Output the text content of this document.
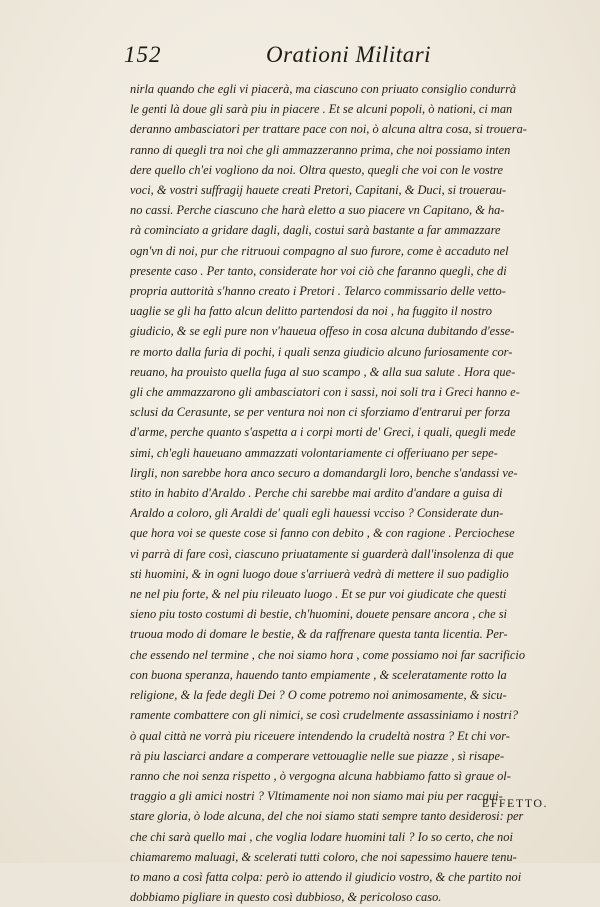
152	Orationi Militari
nirla quando che egli vi piacerà, ma ciascuno con priuato consiglio condurrà
le genti là doue gli sarà piu in piacere . Et se alcuni popoli, ò nationi, ci man
deranno ambasciatori per trattare pace con noi, ò alcuna altra cosa, si trouera-
ranno di quegli tra noi che gli ammazzeranno prima, che noi possiamo inten
dere quello ch'ei vogliono da noi. Oltra questo, quegli che voi con le vostre
voci, & vostri suffragij hauete creati Pretori, Capitani, & Duci, si trouerau-
no cassi. Perche ciascuno che harà eletto a suo piacere vn Capitano, & ha-
rà cominciato a gridare dagli, dagli, costui sarà bastante a far ammazzare
ogn'vn di noi, pur che ritruoui compagno al suo furore, come è accaduto nel
presente caso . Per tanto, considerate hor voi ciò che faranno quegli, che di
propria auttorità s'hanno creato i Pretori . Telarco commissario delle vetto-
uaglie se gli ha fatto alcun delitto partendosi da noi , ha fuggito il nostro
giudicio, & se egli pure non v'haueua offeso in cosa alcuna dubitando d'esse-
re morto dalla furia di pochi, i quali senza giudicio alcuno furiosamente cor-
reuano, ha prouisto quella fuga al suo scampo , & alla sua salute . Hora que-
gli che ammazzarono gli ambasciatori con i sassi, noi soli tra i Greci hanno e-
sclusi da Cerasunte, se per ventura noi non ci sforziamo d'entrarui per forza
d'arme, perche quanto s'aspetta a i corpi morti de' Greci, i quali, quegli mede
simi, ch'egli haueuano ammazzati volontariamente ci offeriuano per sepe-
lirgli, non sarebbe hora anco securo a domandargli loro, benche s'andassi ve-
stito in habito d'Araldo . Perche chi sarebbe mai ardito d'andare a guisa di
Araldo a coloro, gli Araldi de' quali egli hauessi vcciso ? Considerate dun-
que hora voi se queste cose si fanno con debito , & con ragione . Perciochese
vi parrà di fare così, ciascuno priuatamente si guarderà dall'insolenza di que
sti huomini, & in ogni luogo doue s'arriuerà vedrà di mettere il suo padiglio
ne nel piu forte, & nel piu rileuato luogo . Et se pur voi giudicate che questi
sieno piu tosto costumi di bestie, ch'huomini, douete pensare ancora , che si
truoua modo di domare le bestie, & da raffrenare questa tanta licentia. Per-
che essendo nel termine , che noi siamo hora , come possiamo noi far sacrificio
con buona speranza, hauendo tanto empiamente , & sceleratamente rotto la
religione, & la fede degli Dei ? O come potremo noi animosamente, & sicu-
ramente combattere con gli nimici, se così crudelmente assassiniamo i nostri?
ò qual città ne vorrà piu riceuere intendendo la crudeltà nostra ? Et chi vor-
rà piu lasciarci andare a comperare vettouaglie nelle sue piazze , sì risape-
ranno che noi senza rispetto , ò vergogna alcuna habbiamo fatto sì graue ol-
traggio a gli amici nostri ? Vltimamente noi non siamo mai piu per racqui-
stare gloria, ò lode alcuna, del che noi siamo stati sempre tanto desiderosi: per
che chi sarà quello mai , che voglia lodare huomini tali ? Io so certo, che noi
chiamaremo maluagi, & scelerati tutti coloro, che noi sapessimo hauere tenu-
to mano a così fatta colpa: però io attendo il giudicio vostro, & che partito noi
dobbiamo pigliare in questo così dubbioso, & pericoloso caso.
EFFETTO.
